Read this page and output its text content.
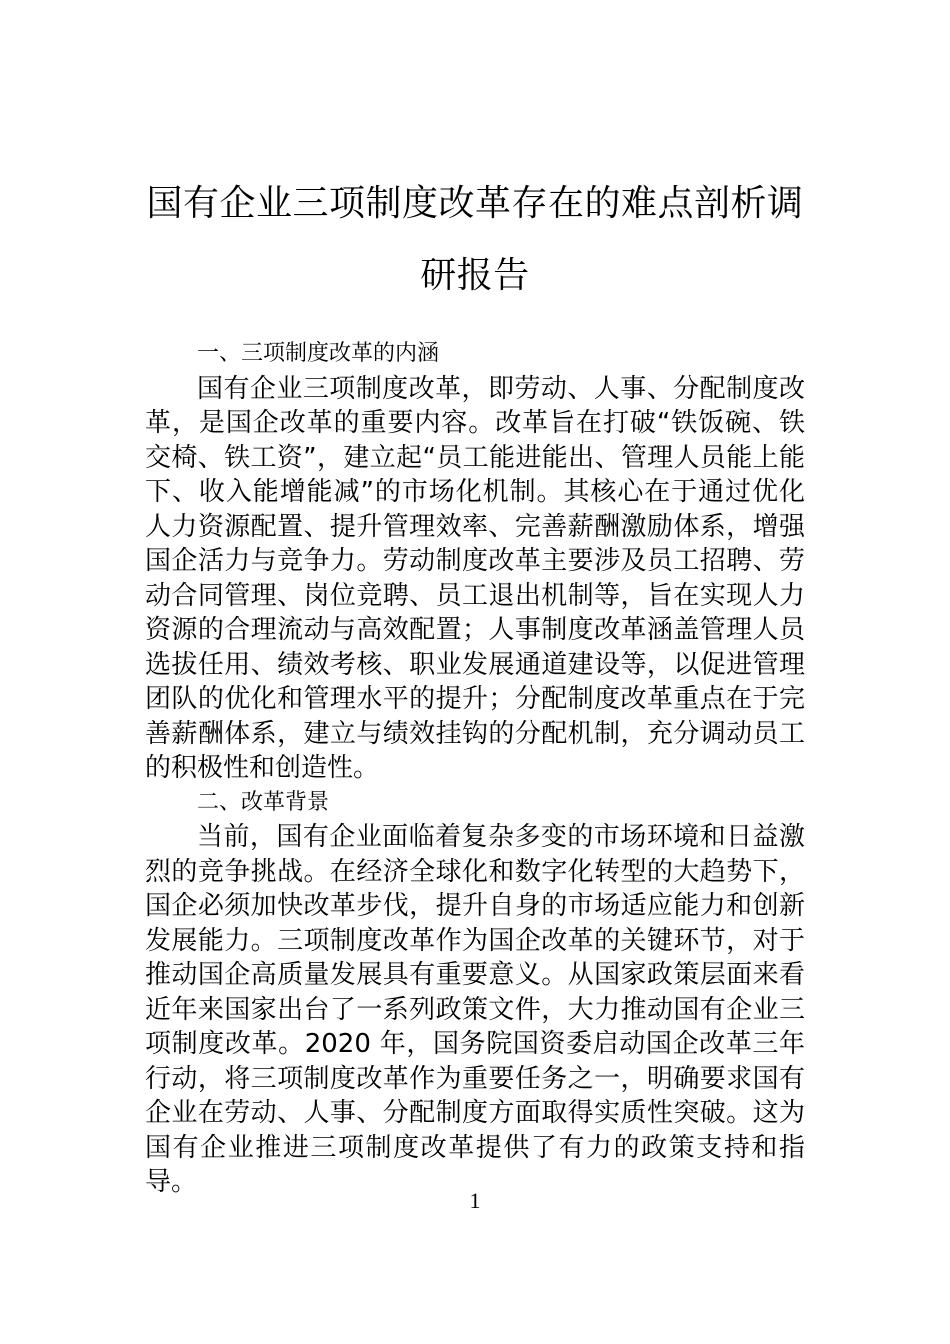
国有企业三项制度改革存在的难点剖析调研报告

一、三项制度改革的内涵

国有企业三项制度改革，即劳动、人事、分配制度改革，是国企改革的重要内容。改革旨在打破“铁饭碗、铁交椅、铁工资”，建立起“员工能进能出、管理人员能上能下、收入能增能减”的市场化机制。其核心在于通过优化人力资源配置、提升管理效率、完善薪酬激励体系，增强国企活力与竞争力。劳动制度改革主要涉及员工招聘、劳动合同管理、岗位竞聘、员工退出机制等，旨在实现人力资源的合理流动与高效配置；人事制度改革涵盖管理人员选拔任用、绩效考核、职业发展通道建设等，以促进管理团队的优化和管理水平的提升；分配制度改革重点在于完善薪酬体系，建立与绩效挂钩的分配机制，充分调动员工的积极性和创造性。

二、改革背景

当前，国有企业面临着复杂多变的市场环境和日益激烈的竞争挑战。在经济全球化和数字化转型的大趋势下，国企必须加快改革步伐，提升自身的市场适应能力和创新发展能力。三项制度改革作为国企改革的关键环节，对于推动国企高质量发展具有重要意义。从国家政策层面来看近年来国家出台了一系列政策文件，大力推动国有企业三项制度改革。2020 年，国务院国资委启动国企改革三年行动，将三项制度改革作为重要任务之一，明确要求国有企业在劳动、人事、分配制度方面取得实质性突破。这为国有企业推进三项制度改革提供了有力的政策支持和指导。

1
